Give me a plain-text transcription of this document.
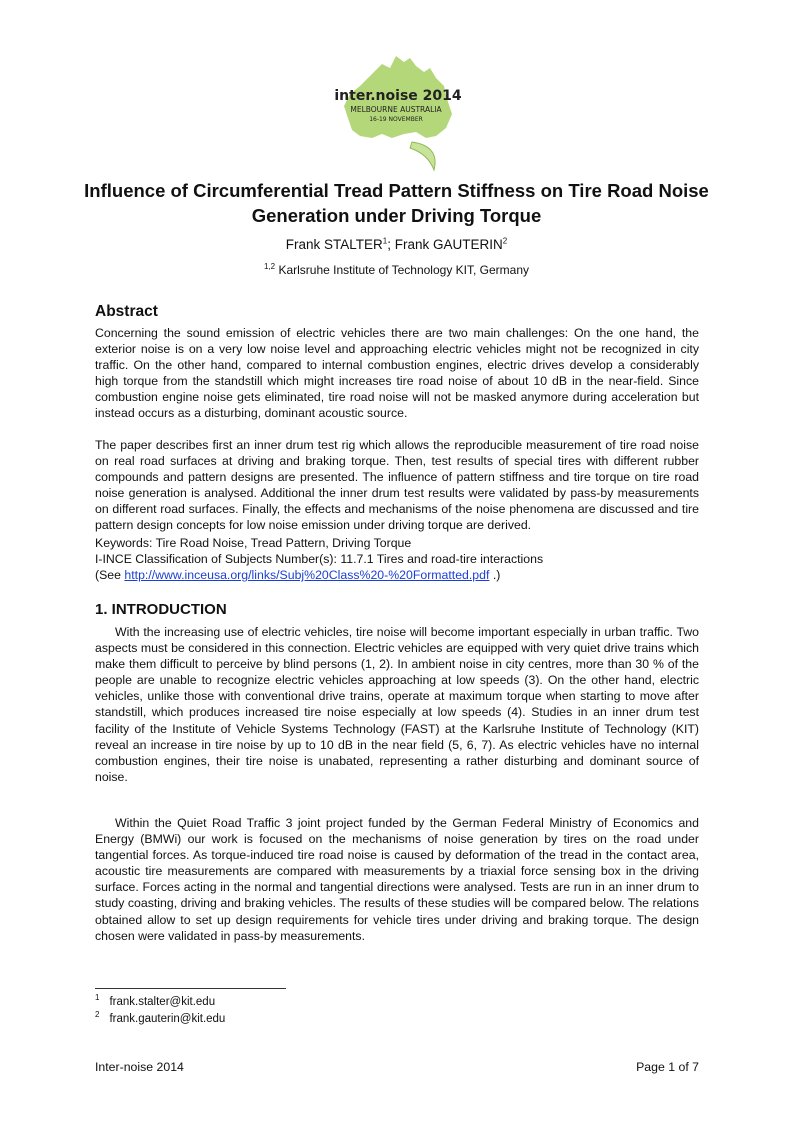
inter.noise 2014
MELBOURNE AUSTRALIA
16-19 NOVEMBER
Influence of Circumferential Tread Pattern Stiffness on Tire Road Noise Generation under Driving Torque
Frank STALTER$^1$; Frank GAUTERIN$^2$
$^{1,2}$ Karlsruhe Institute of Technology KIT, Germany
Abstract

Concerning the sound emission of electric vehicles there are two main challenges: On the one hand, the exterior noise is on a very low noise level and approaching electric vehicles might not be recognized in city traffic. On the other hand, compared to internal combustion engines, electric drives develop a considerably high torque from the standstill which might increases tire road noise of about 10 dB in the near-field. Since combustion engine noise gets eliminated, tire road noise will not be masked anymore during acceleration but instead occurs as a disturbing, dominant acoustic source.

The paper describes first an inner drum test rig which allows the reproducible measurement of tire road noise on real road surfaces at driving and braking torque. Then, test results of special tires with different rubber compounds and pattern designs are presented. The influence of pattern stiffness and tire torque on tire road noise generation is analysed. Additional the inner drum test results were validated by pass-by measurements on different road surfaces. Finally, the effects and mechanisms of the noise phenomena are discussed and tire pattern design concepts for low noise emission under driving torque are derived.

Keywords: Tire Road Noise, Tread Pattern, Driving Torque
I-INCE Classification of Subjects Number(s): 11.7.1 Tires and road-tire interactions
(See http://www.inceusa.org/links/Subj%20Class%20-%20Formatted.pdf .)
1. INTRODUCTION

With the increasing use of electric vehicles, tire noise will become important especially in urban traffic. Two aspects must be considered in this connection. Electric vehicles are equipped with very quiet drive trains which make them difficult to perceive by blind persons (1, 2). In ambient noise in city centres, more than 30 % of the people are unable to recognize electric vehicles approaching at low speeds (3). On the other hand, electric vehicles, unlike those with conventional drive trains, operate at maximum torque when starting to move after standstill, which produces increased tire noise especially at low speeds (4). Studies in an inner drum test facility of the Institute of Vehicle Systems Technology (FAST) at the Karlsruhe Institute of Technology (KIT) reveal an increase in tire noise by up to 10 dB in the near field (5, 6, 7). As electric vehicles have no internal combustion engines, their tire noise is unabated, representing a rather disturbing and dominant source of noise.

Within the Quiet Road Traffic 3 joint project funded by the German Federal Ministry of Economics and Energy (BMWi) our work is focused on the mechanisms of noise generation by tires on the road under tangential forces. As torque-induced tire road noise is caused by deformation of the tread in the contact area, acoustic tire measurements are compared with measurements by a triaxial force sensing box in the driving surface. Forces acting in the normal and tangential directions were analysed. Tests are run in an inner drum to study coasting, driving and braking vehicles. The results of these studies will be compared below. The relations obtained allow to set up design requirements for vehicle tires under driving and braking torque. The design chosen were validated in pass-by measurements.

$^1$ frank.stalter@kit.edu
$^2$ frank.gauterin@kit.edu
Inter-noise 2014	Page 1 of 7
